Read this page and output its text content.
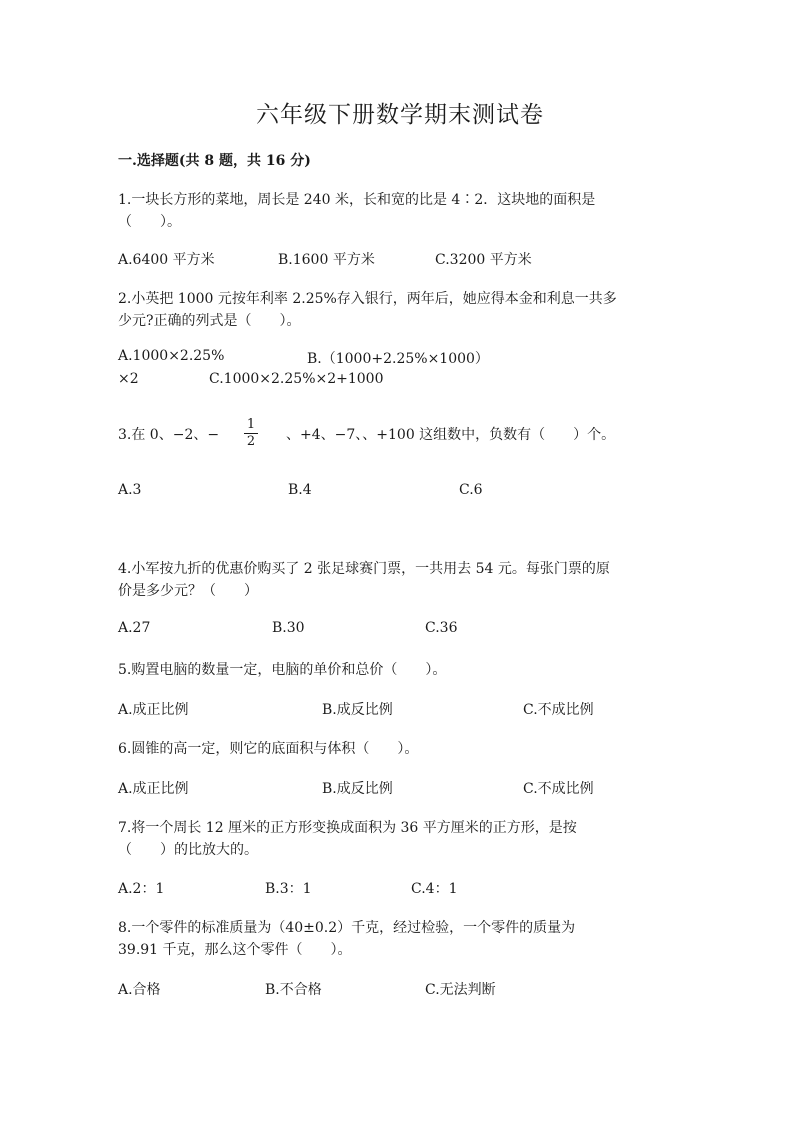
六年级下册数学期末测试卷
一.选择题(共 8 题，共 16 分)
1.一块长方形的菜地，周长是 240 米，长和宽的比是 4∶2．这块地的面积是
（　　）。
A.6400 平方米	B.1600 平方米	C.3200 平方米
2.小英把 1000 元按年利率 2.25%存入银行，两年后，她应得本金和利息一共多
少元?正确的列式是（　　）。
A.1000×2.25%	B.（1000+2.25%×1000）
×2	C.1000×2.25%×2+1000
3.在 0、−2、−
1
2 、+4、−7、、+100 这组数中，负数有（　　）个。
A.3	B.4	C.6
4.小军按九折的优惠价购买了 2 张足球赛门票，一共用去 54 元。每张门票的原
价是多少元？（　　）
A.27	B.30	C.36
5.购置电脑的数量一定，电脑的单价和总价（　　）。
A.成正比例	B.成反比例	C.不成比例
6.圆锥的高一定，则它的底面积与体积（　　）。
A.成正比例	B.成反比例	C.不成比例
7.将一个周长 12 厘米的正方形变换成面积为 36 平方厘米的正方形，是按
（　　）的比放大的。
A.2：1	B.3：1	C.4：1
8.一个零件的标准质量为（40±0.2）千克，经过检验，一个零件的质量为
39.91 千克，那么这个零件（　　）。
A.合格	B.不合格	C.无法判断
